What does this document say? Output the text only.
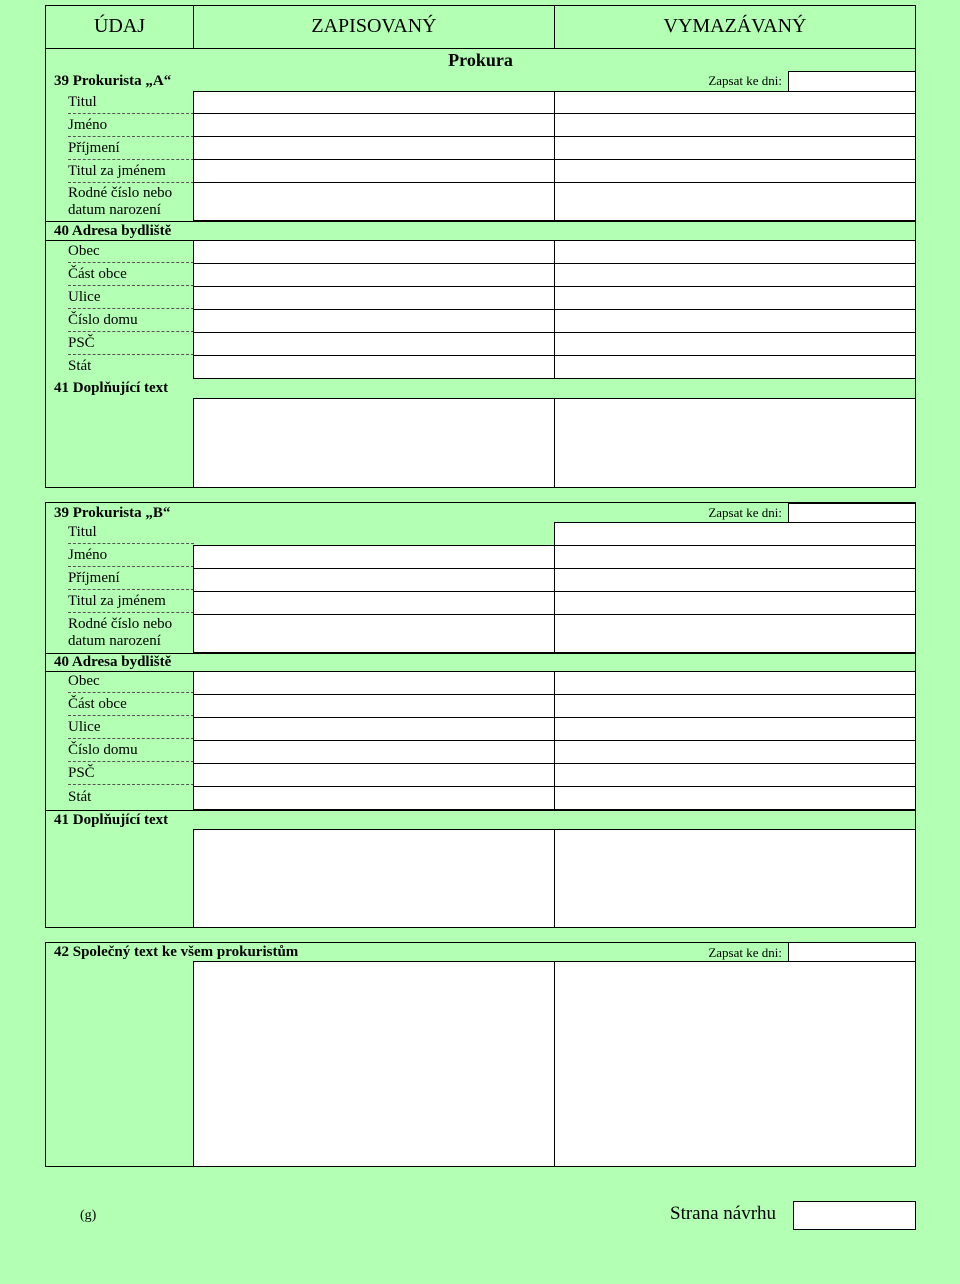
ÚDAJ	ZAPISOVANÝ	VYMAZÁVANÝ
Prokura
39 Prokurista „A“	Zapsat ke dni:
Titul
Jméno
Příjmení
Titul za jménem
Rodné číslo nebo datum narození
40 Adresa bydliště
Obec
Část obce
Ulice
Číslo domu
PSČ
Stát
41 Doplňující text
39 Prokurista „B“	Zapsat ke dni:
Titul
Jméno
Příjmení
Titul za jménem
Rodné číslo nebo datum narození
40 Adresa bydliště
Obec
Část obce
Ulice
Číslo domu
PSČ
Stát
41 Doplňující text
42 Společný text ke všem prokuristům	Zapsat ke dni:
(g)	Strana návrhu
